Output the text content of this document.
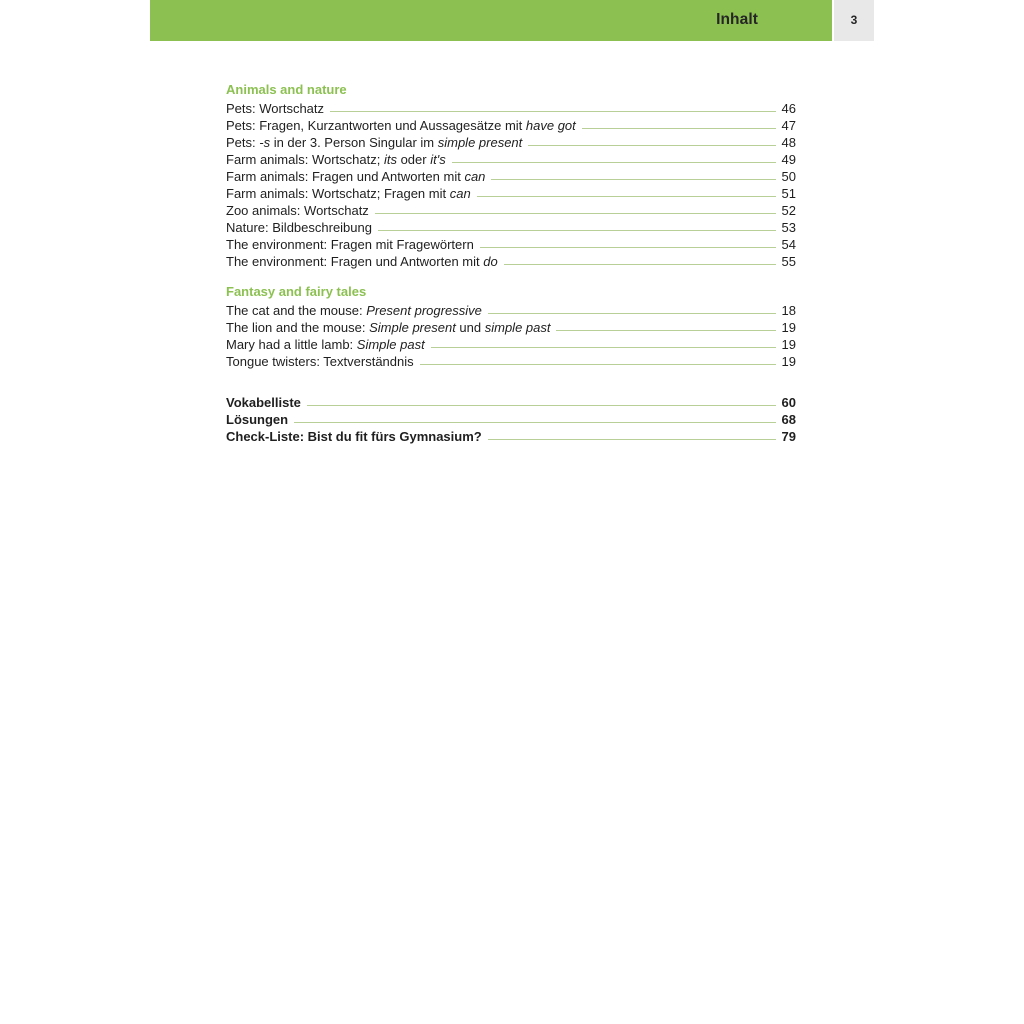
Inhalt	3
Animals and nature
Pets: Wortschatz	46
Pets: Fragen, Kurzantworten und Aussagesätze mit have got	47
Pets: -s in der 3. Person Singular im simple present	48
Farm animals: Wortschatz; its oder it's	49
Farm animals: Fragen und Antworten mit can	50
Farm animals: Wortschatz; Fragen mit can	51
Zoo animals: Wortschatz	52
Nature: Bildbeschreibung	53
The environment: Fragen mit Fragewörtern	54
The environment: Fragen und Antworten mit do	55
Fantasy and fairy tales
The cat and the mouse: Present progressive	18
The lion and the mouse: Simple present und simple past	19
Mary had a little lamb: Simple past	19
Tongue twisters: Textverständnis	19
Vokabelliste	60
Lösungen	68
Check-Liste: Bist du fit fürs Gymnasium?	79
